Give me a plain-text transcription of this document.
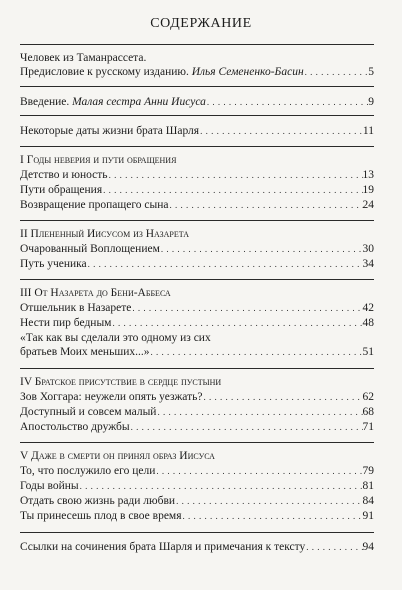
СОДЕРЖАНИЕ
Человек из Таманрассета.
Предисловие к русскому изданию. Илья Семененко-Басин . . .	5
Введение. Малая сестра Анни Иисуса . . .	9
Некоторые даты жизни брата Шарля . . .	11
I Годы неверия и пути обращения
Детство и юность . . .	13
Пути обращения . . .	19
Возвращение пропащего сына . . .	24
II Плененный Иисусом из Назарета
Очарованный Воплощением . . .	30
Путь ученика . . .	34
III От Назарета до Бени-Аббеса
Отшельник в Назарете . . .	42
Нести пир бедным . . .	48
«Так как вы сделали это одному из сих
братьев Моих меньших...» . . .	51
IV Братское присутствие в сердце пустыни
Зов Хоггара: неужели опять уезжать? . . .	62
Доступный и совсем малый . . .	68
Апостольство дружбы . . .	71
V Даже в смерти он принял образ Иисуса
То, что послужило его цели . . .	79
Годы войны . . .	81
Отдать свою жизнь ради любви . . .	84
Ты принесешь плод в свое время . . .	91
Ссылки на сочинения брата Шарля и примечания к тексту . . .	94
